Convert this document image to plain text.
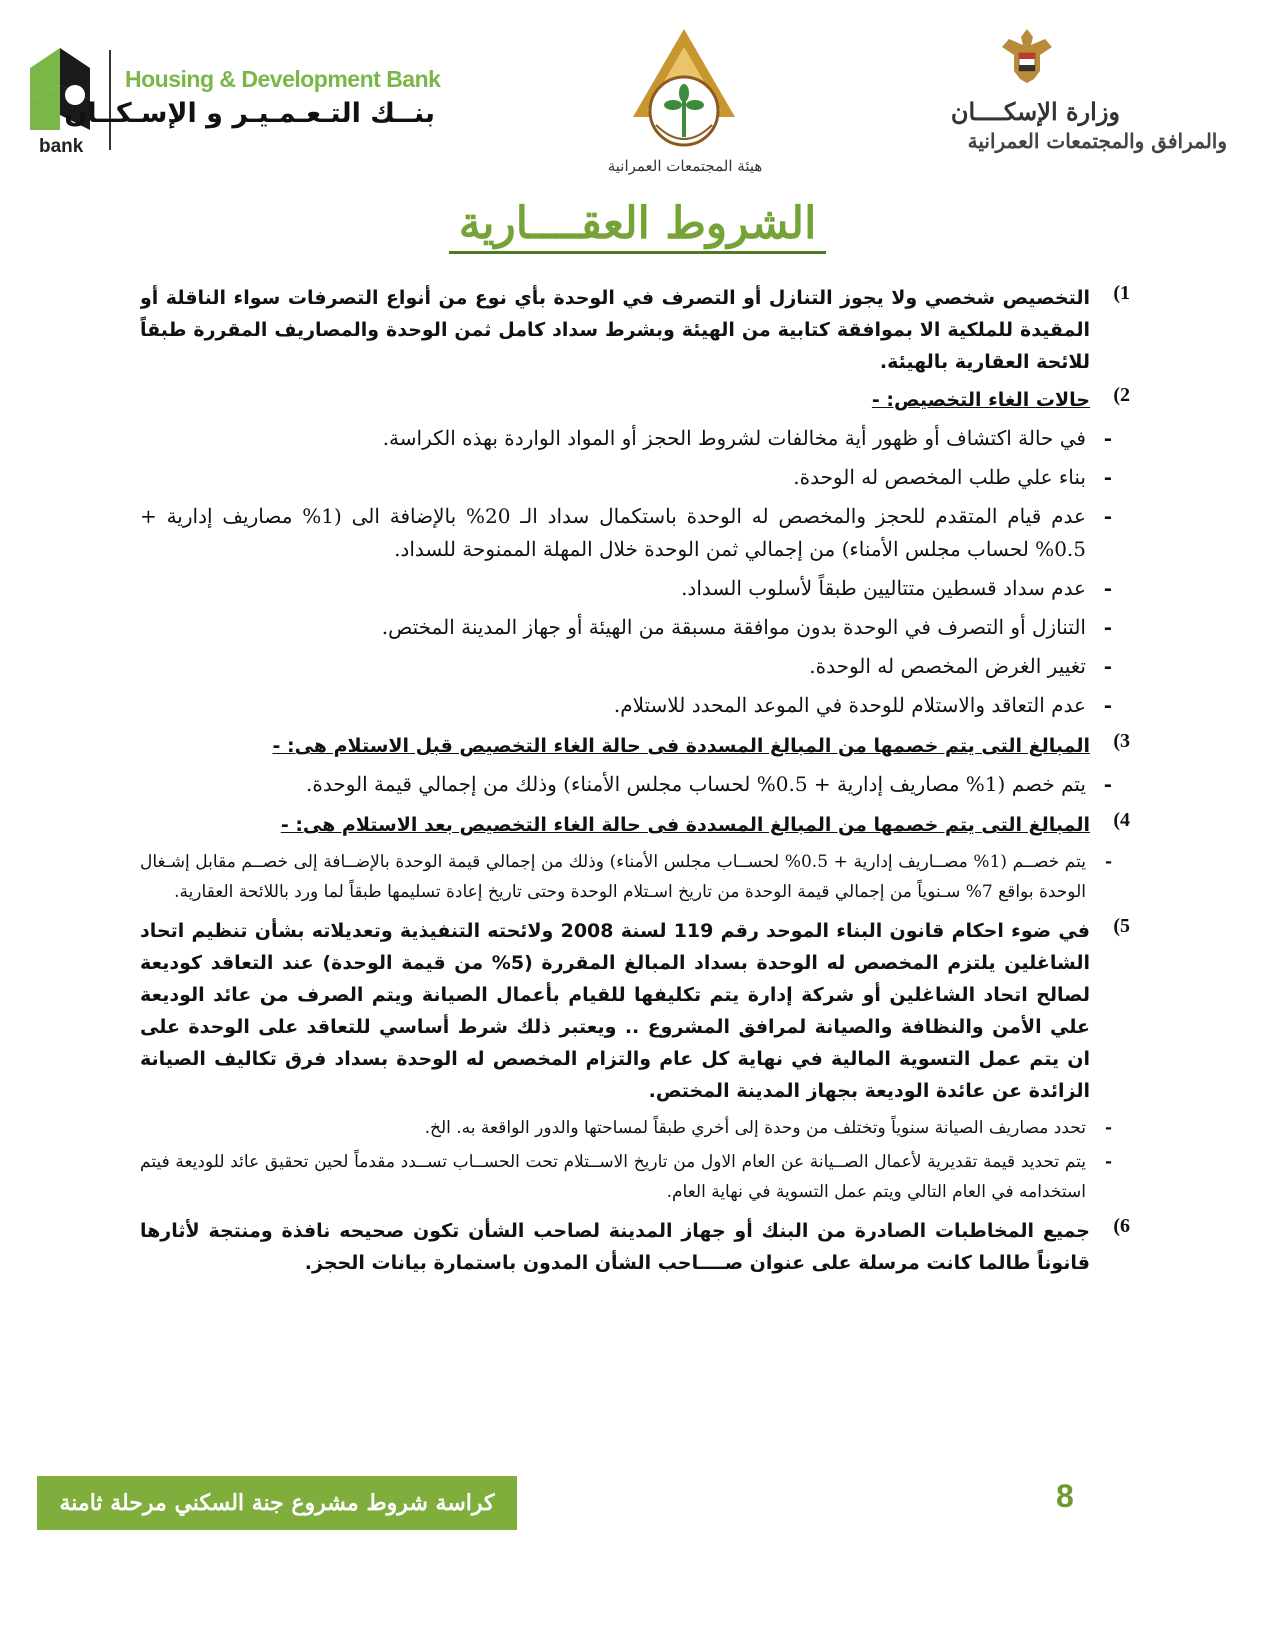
bank
Housing & Development Bank
بنــك التـعـمـيـر و الإسـكــان
هيئة المجتمعات العمرانية
وزارة الإسكــــان
والمرافق والمجتمعات العمرانية
الشروط العقــــارية
1)

التخصيص شخصي ولا يجوز التنازل أو التصرف في الوحدة بأي نوع من أنواع التصرفات سواء الناقلة أو المقيدة للملكية الا بموافقة كتابية من الهيئة وبشرط سداد كامل ثمن الوحدة والمصاريف المقررة طبقاً للائحة العقارية بالهيئة.

2)

حالات الغاء التخصيص: -

- في حالة اكتشاف أو ظهور أية مخالفات لشروط الحجز أو المواد الواردة بهذه الكراسة.
- بناء علي طلب المخصص له الوحدة.
- عدم قيام المتقدم للحجز والمخصص له الوحدة باستكمال سداد الـ 20% بالإضافة الى (1% مصاريف إدارية + 0.5% لحساب مجلس الأمناء) من إجمالي ثمن الوحدة خلال المهلة الممنوحة للسداد.
- عدم سداد قسطين متتاليين طبقاً لأسلوب السداد.
- التنازل أو التصرف في الوحدة بدون موافقة مسبقة من الهيئة أو جهاز المدينة المختص.
- تغيير الغرض المخصص له الوحدة.
- عدم التعاقد والاستلام للوحدة في الموعد المحدد للاستلام.
3)

المبالغ التى يتم خصمها من المبالغ المسددة فى حالة الغاء التخصيص قبل الاستلام هى: -

- يتم خصم (1% مصاريف إدارية + 0.5% لحساب مجلس الأمناء) وذلك من إجمالي قيمة الوحدة.
4)

المبالغ التى يتم خصمها من المبالغ المسددة فى حالة الغاء التخصيص بعد الاستلام هى: -

- يتم خصــم (1% مصــاريف إدارية + 0.5% لحســاب مجلس الأمناء) وذلك من إجمالي قيمة الوحدة بالإضــافة إلى خصــم مقابل إشـغال الوحدة بواقع 7% سـنوياً من إجمالي قيمة الوحدة من تاريخ اسـتلام الوحدة وحتى تاريخ إعادة تسليمها طبقاً لما ورد باللائحة العقارية.
5)

في ضوء احكام قانون البناء الموحد رقم 119 لسنة 2008 ولائحته التنفيذية وتعديلاته بشأن تنظيم اتحاد الشاغلين يلتزم المخصص له الوحدة بسداد المبالغ المقررة (5% من قيمة الوحدة) عند التعاقد كوديعة لصالح اتحاد الشاغلين أو شركة إدارة يتم تكليفها للقيام بأعمال الصيانة ويتم الصرف من عائد الوديعة علي الأمن والنظافة والصيانة لمرافق المشروع .. ويعتبر ذلك شرط أساسي للتعاقد على الوحدة على ان يتم عمل التسوية المالية في نهاية كل عام والتزام المخصص له الوحدة بسداد فرق تكاليف الصيانة الزائدة عن عائدة الوديعة بجهاز المدينة المختص.

- تحدد مصاريف الصيانة سنوياً وتختلف من وحدة إلى أخري طبقاً لمساحتها والدور الواقعة به. الخ.
- يتم تحديد قيمة تقديرية لأعمال الصــيانة عن العام الاول من تاريخ الاســتلام تحت الحســاب تســدد مقدماً لحين تحقيق عائد للوديعة فيتم استخدامه في العام التالي ويتم عمل التسوية في نهاية العام.
6)

جميع المخاطبات الصادرة من البنك أو جهاز المدينة لصاحب الشأن تكون صحيحه نافذة ومنتجة لأثارها قانوناً طالما كانت مرسلة على عنوان صــــاحب الشأن المدون باستمارة بيانات الحجز.

كراسة شروط مشروع جنة السكني مرحلة ثامنة	8
